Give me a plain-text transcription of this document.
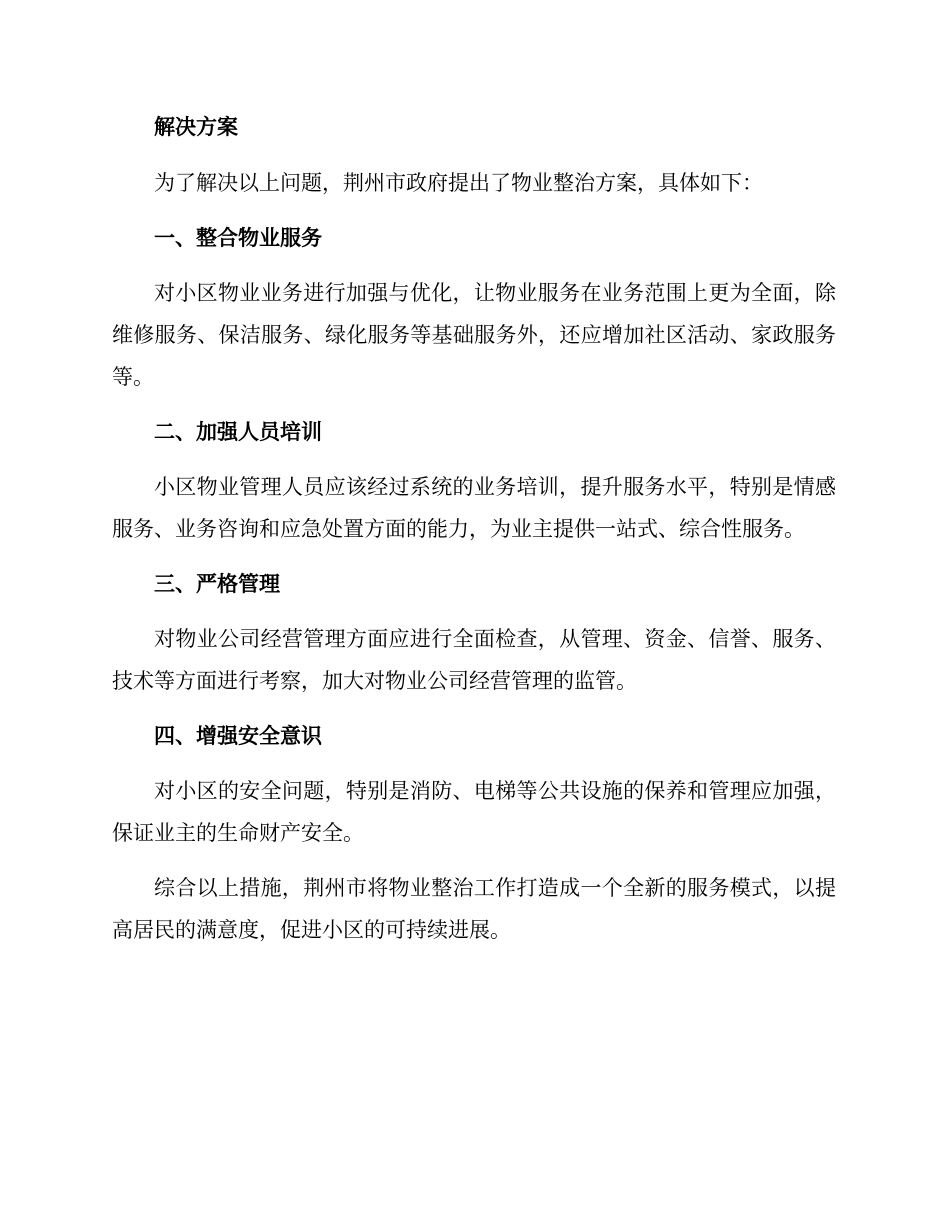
解决方案

为了解决以上问题，荆州市政府提出了物业整治方案，具体如下：

一、整合物业服务

对小区物业业务进行加强与优化，让物业服务在业务范围上更为全面，除维修服务、保洁服务、绿化服务等基础服务外，还应增加社区活动、家政服务等。

二、加强人员培训

小区物业管理人员应该经过系统的业务培训，提升服务水平，特别是情感服务、业务咨询和应急处置方面的能力，为业主提供一站式、综合性服务。

三、严格管理

对物业公司经营管理方面应进行全面检查，从管理、资金、信誉、服务、技术等方面进行考察，加大对物业公司经营管理的监管。

四、增强安全意识

对小区的安全问题，特别是消防、电梯等公共设施的保养和管理应加强，保证业主的生命财产安全。

综合以上措施，荆州市将物业整治工作打造成一个全新的服务模式，以提高居民的满意度，促进小区的可持续进展。
